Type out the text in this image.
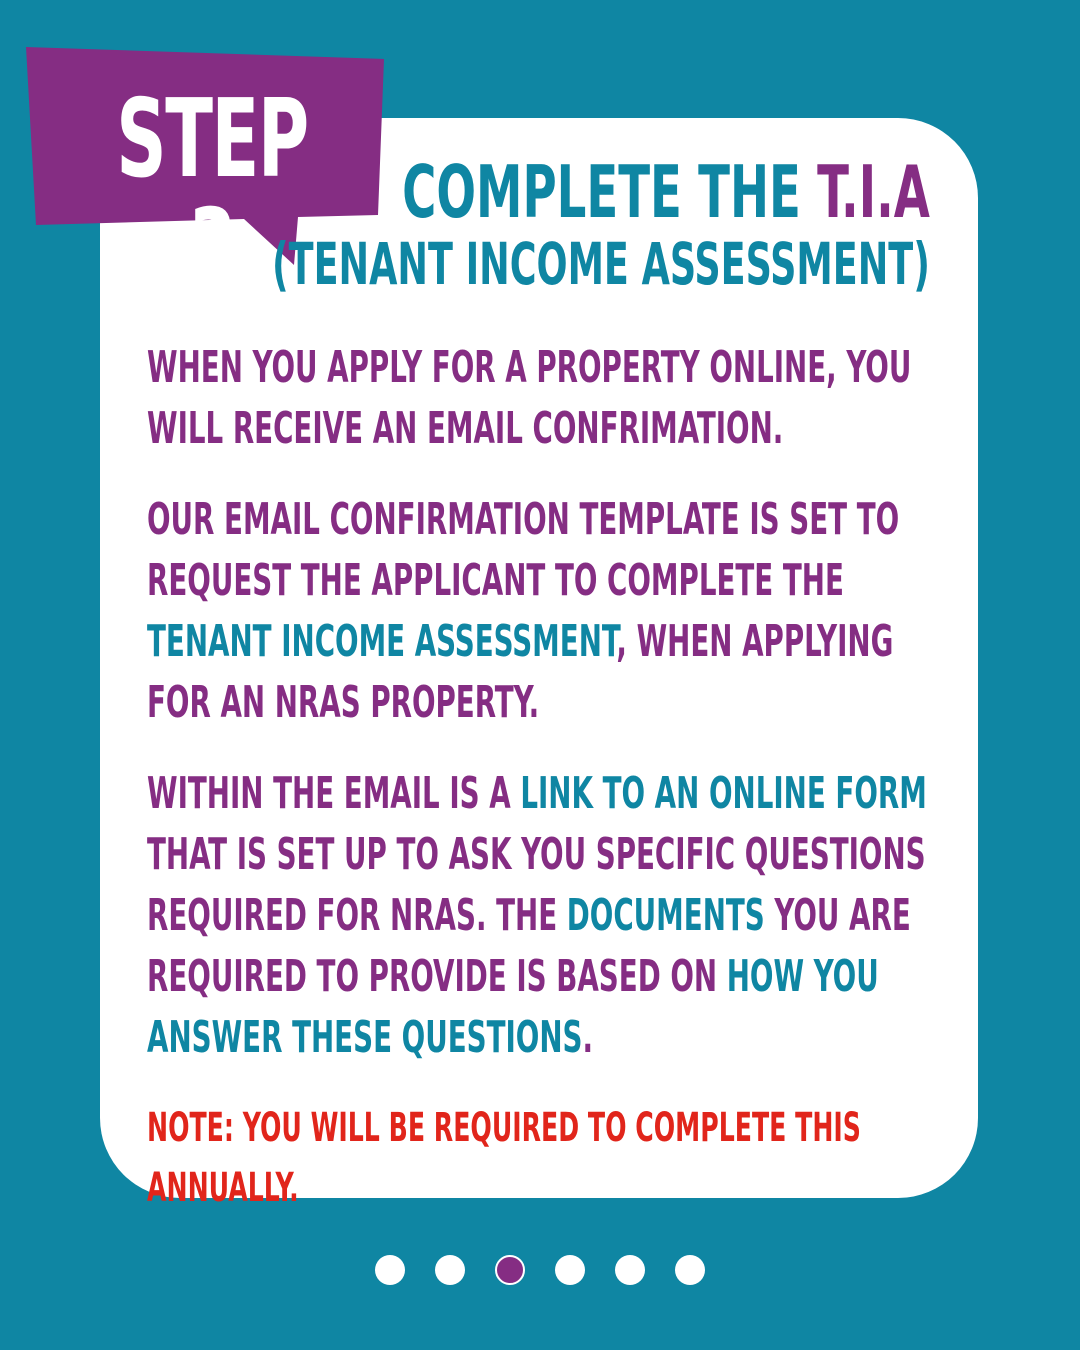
STEP 3	COMPLETE THE T.I.A
(TENANT INCOME ASSESSMENT)
WHEN YOU APPLY FOR A PROPERTY ONLINE, YOU WILL RECEIVE AN EMAIL CONFRIMATION.
OUR EMAIL CONFIRMATION TEMPLATE IS SET TO REQUEST THE APPLICANT TO COMPLETE THE TENANT INCOME ASSESSMENT, WHEN APPLYING FOR AN NRAS PROPERTY.
WITHIN THE EMAIL IS A LINK TO AN ONLINE FORM THAT IS SET UP TO ASK YOU SPECIFIC QUESTIONS REQUIRED FOR NRAS. THE DOCUMENTS YOU ARE REQUIRED TO PROVIDE IS BASED ON HOW YOU ANSWER THESE QUESTIONS.
NOTE: YOU WILL BE REQUIRED TO COMPLETE THIS ANNUALLY.
